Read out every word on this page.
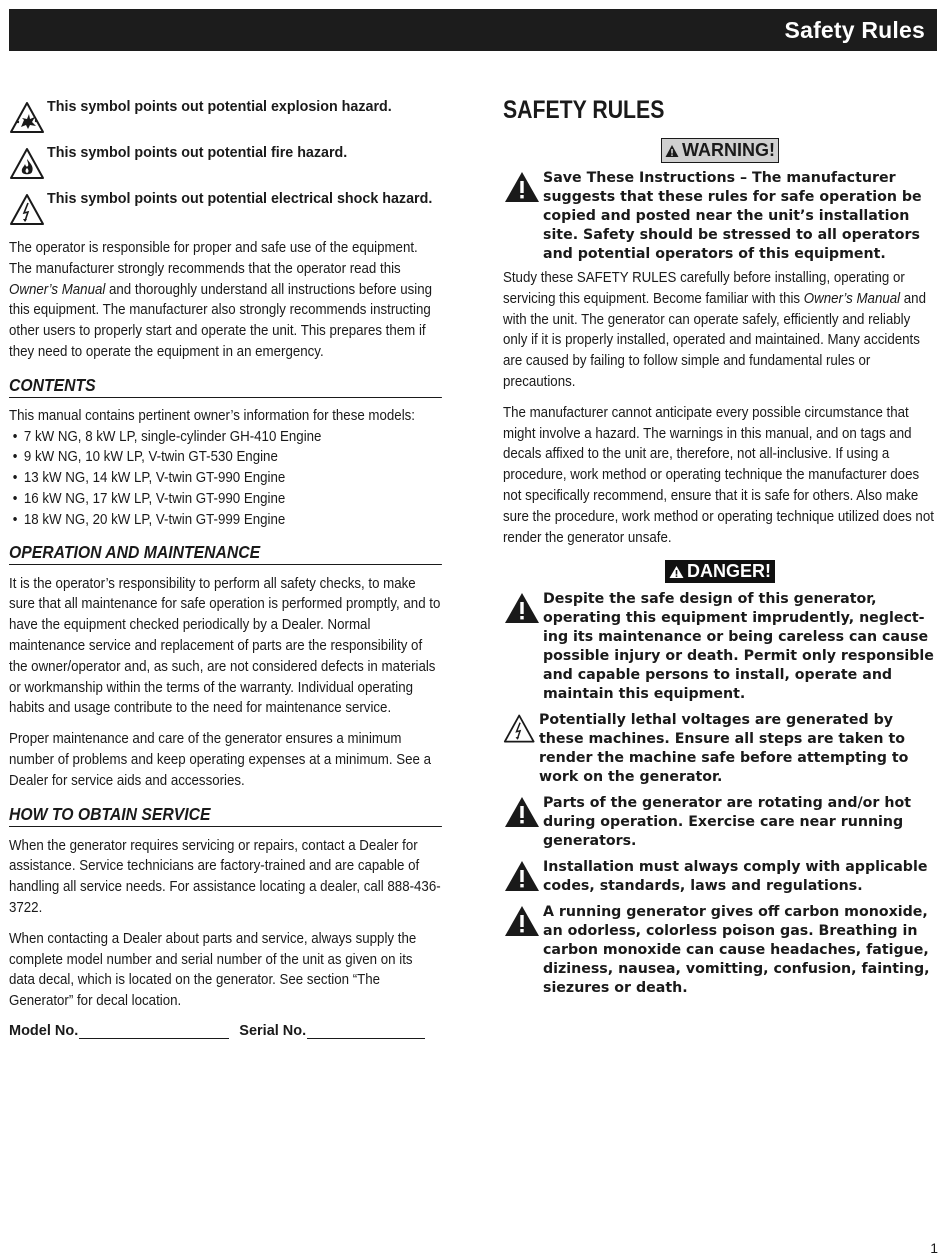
Safety Rules
This symbol points out potential explosion hazard.
This symbol points out potential fire hazard.
This symbol points out potential electrical shock hazard.

The operator is responsible for proper and safe use of the equipment. The manufacturer strongly recommends that the operator read this Owner’s Manual and thoroughly understand all instructions before using this equipment. The manufacturer also strongly recommends instructing other users to properly start and operate the unit. This prepares them if they need to operate the equipment in an emergency.

CONTENTS

This manual contains pertinent owner’s information for these models:

• 7 kW NG, 8 kW LP, single-cylinder GH-410 Engine
• 9 kW NG, 10 kW LP, V-twin GT-530 Engine
• 13 kW NG, 14 kW LP, V-twin GT-990 Engine
• 16 kW NG, 17 kW LP, V-twin GT-990 Engine
• 18 kW NG, 20 kW LP, V-twin GT-999 Engine
OPERATION AND MAINTENANCE

It is the operator’s responsibility to perform all safety checks, to make sure that all maintenance for safe operation is performed promptly, and to have the equipment checked periodically by a Dealer. Normal maintenance service and replacement of parts are the responsibility of the owner/operator and, as such, are not considered defects in materials or workmanship within the terms of the warranty. Individual operating habits and usage contribute to the need for maintenance service.

Proper maintenance and care of the generator ensures a minimum number of problems and keep operating expenses at a minimum. See a Dealer for service aids and accessories.

HOW TO OBTAIN SERVICE

When the generator requires servicing or repairs, contact a Dealer for assistance. Service technicians are factory-trained and are capable of handling all service needs. For assistance locating a dealer, call 888-436-3722.

When contacting a Dealer about parts and service, always supply the complete model number and serial number of the unit as given on its data decal, which is located on the generator. See section “The Generator” for decal location.

Model No.	Serial No.
SAFETY RULES
WARNING!
Save These Instructions – The manufacturer suggests that these rules for safe operation be copied and posted near the unit’s installation site. Safety should be stressed to all operators and potential operators of this equipment.

Study these SAFETY RULES carefully before installing, operating or servicing this equipment. Become familiar with this Owner’s Manual and with the unit. The generator can operate safely, efficiently and reliably only if it is properly installed, operated and maintained. Many accidents are caused by failing to follow simple and fundamental rules or precautions.

The manufacturer cannot anticipate every possible circumstance that might involve a hazard. The warnings in this manual, and on tags and decals affixed to the unit are, therefore, not all-inclusive. If using a procedure, work method or operating technique the manufacturer does not specifically recommend, ensure that it is safe for others. Also make sure the procedure, work method or operating technique utilized does not render the generator unsafe.

DANGER!
Despite the safe design of this generator, operating this equipment imprudently, neglect-ing its maintenance or being careless can cause possible injury or death. Permit only responsible and capable persons to install, operate and maintain this equipment.
Potentially lethal voltages are generated by these machines. Ensure all steps are taken to render the machine safe before attempting to work on the generator.
Parts of the generator are rotating and/or hot during operation. Exercise care near running generators.
Installation must always comply with applicable codes, standards, laws and regulations.
A running generator gives off carbon monoxide, an odorless, colorless poison gas. Breathing in carbon monoxide can cause headaches, fatigue, diziness, nausea, vomitting, confusion, fainting, siezures or death.
1
